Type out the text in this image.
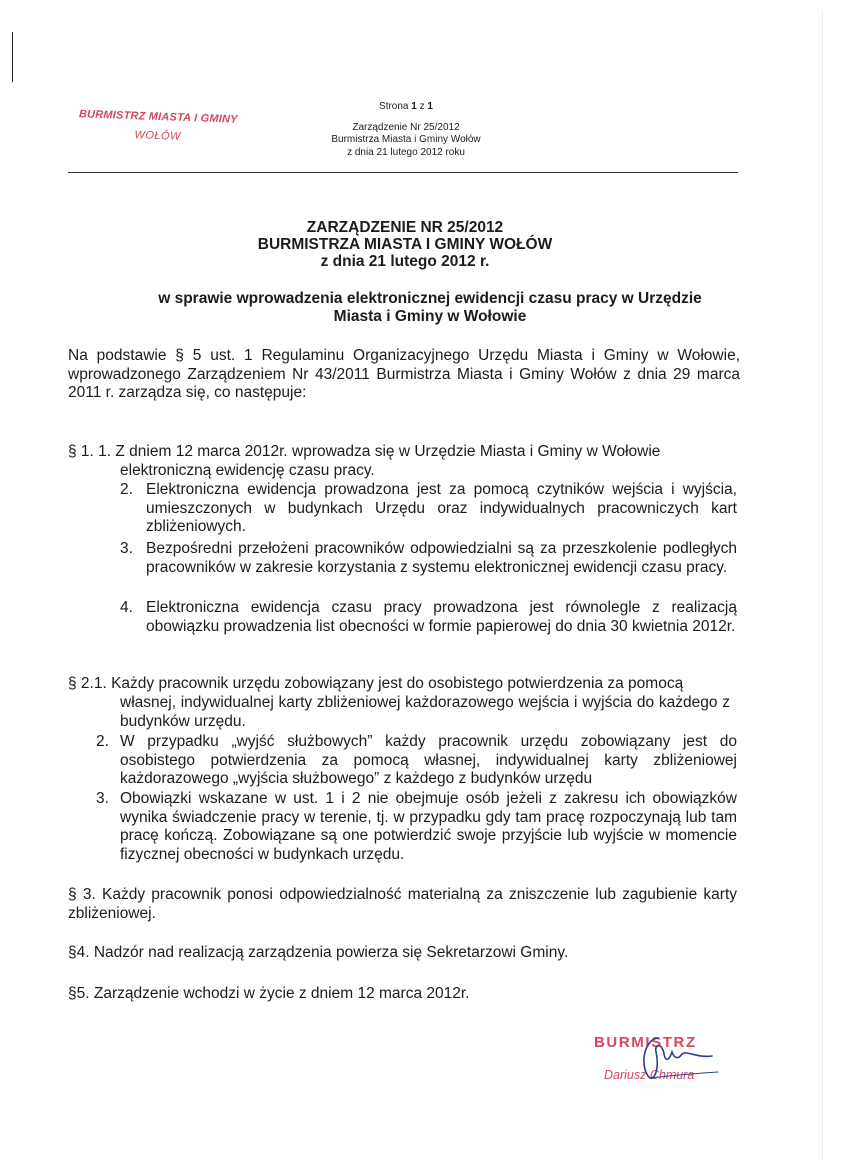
BURMISTRZ MIASTA I GMINY
WOŁÓW
Strona 1 z 1
Zarządzenie Nr 25/2012
Burmistrza Miasta i Gminy Wołów
z dnia 21 lutego 2012 roku
ZARZĄDZENIE NR 25/2012
BURMISTRZA MIASTA I GMINY WOŁÓW
z dnia 21 lutego 2012 r.
w sprawie wprowadzenia elektronicznej ewidencji czasu pracy w Urzędzie
Miasta i Gminy w Wołowie
Na podstawie § 5 ust. 1 Regulaminu Organizacyjnego Urzędu Miasta i Gminy w Wołowie, wprowadzonego Zarządzeniem Nr 43/2011 Burmistrza Miasta i Gminy Wołów z dnia 29 marca 2011 r. zarządza się, co następuje:
§ 1. 1. Z dniem 12 marca 2012r. wprowadza się w Urzędzie Miasta i Gminy w Wołowie
elektroniczną ewidencję czasu pracy.
2. Elektroniczna ewidencja prowadzona jest za pomocą czytników wejścia i wyjścia, umieszczonych w budynkach Urzędu oraz indywidualnych pracowniczych kart zbliżeniowych.
3. Bezpośredni przełożeni pracowników odpowiedzialni są za przeszkolenie podległych pracowników w zakresie korzystania z systemu elektronicznej ewidencji czasu pracy.
4. Elektroniczna ewidencja czasu pracy prowadzona jest równolegle z realizacją obowiązku prowadzenia list obecności w formie papierowej do dnia 30 kwietnia 2012r.
§ 2.1. Każdy pracownik urzędu zobowiązany jest do osobistego potwierdzenia za pomocą
własnej, indywidualnej karty zbliżeniowej każdorazowego wejścia i wyjścia do każdego z budynków urzędu.
2. W przypadku „wyjść służbowych” każdy pracownik urzędu zobowiązany jest do osobistego potwierdzenia za pomocą własnej, indywidualnej karty zbliżeniowej każdorazowego „wyjścia służbowego” z każdego z budynków urzędu
3. Obowiązki wskazane w ust. 1 i 2 nie obejmuje osób jeżeli z zakresu ich obowiązków wynika świadczenie pracy w terenie, tj. w przypadku gdy tam pracę rozpoczynają lub tam pracę kończą. Zobowiązane są one potwierdzić swoje przyjście lub wyjście w momencie fizycznej obecności w budynkach urzędu.
§ 3. Każdy pracownik ponosi odpowiedzialność materialną za zniszczenie lub zagubienie karty zbliżeniowej.
§4. Nadzór nad realizacją zarządzenia powierza się Sekretarzowi Gminy.
§5. Zarządzenie wchodzi w życie z dniem 12 marca 2012r.
BURMISTRZ
Dariusz Chmura
